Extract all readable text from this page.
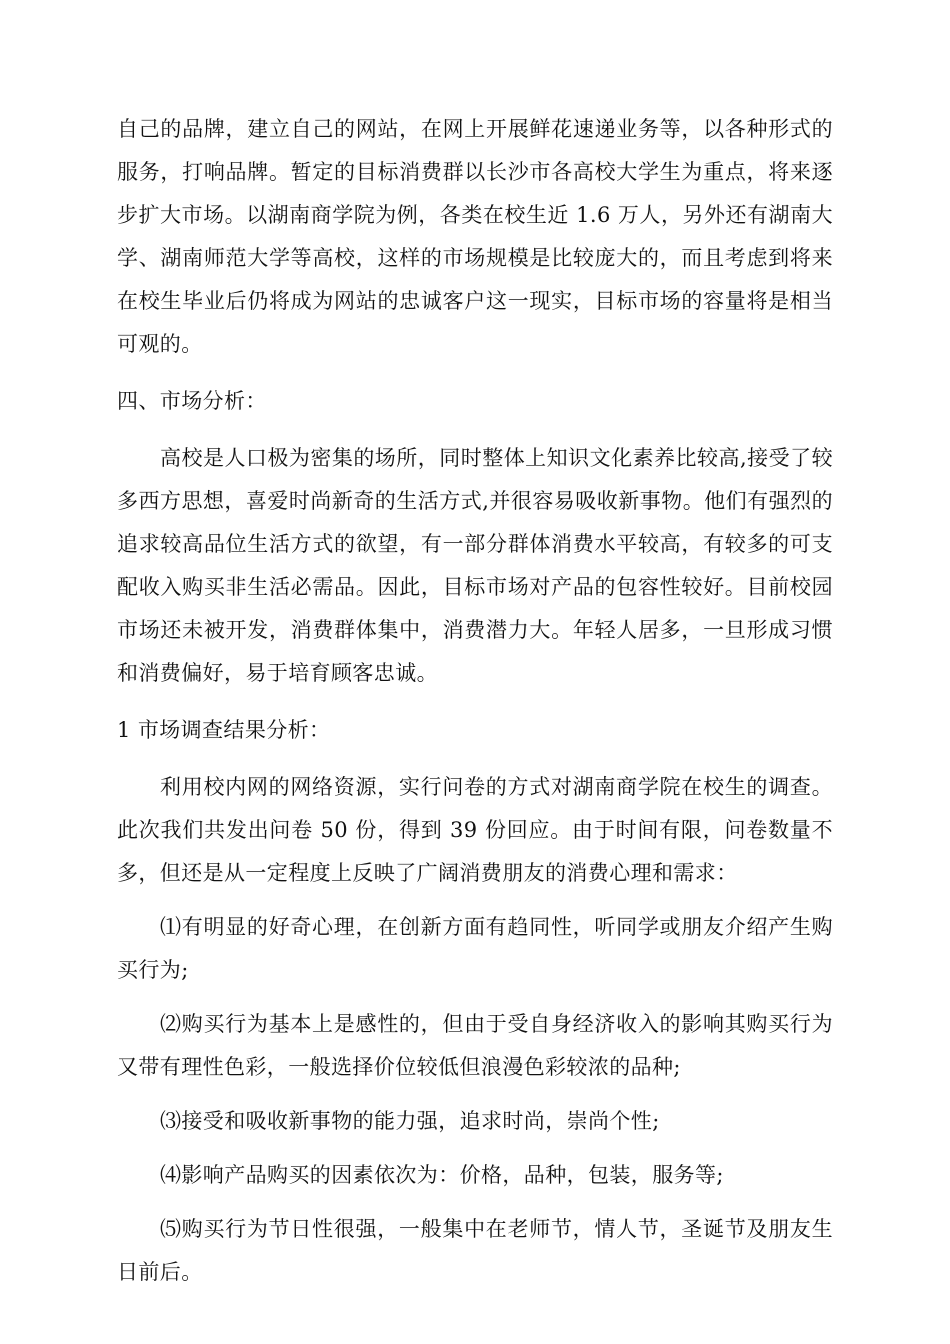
自己的品牌，建立自己的网站，在网上开展鲜花速递业务等，以各种形式的服务，打响品牌。暂定的目标消费群以长沙市各高校大学生为重点，将来逐步扩大市场。以湖南商学院为例，各类在校生近 1.6 万人，另外还有湖南大学、湖南师范大学等高校，这样的市场规模是比较庞大的，而且考虑到将来在校生毕业后仍将成为网站的忠诚客户这一现实，目标市场的容量将是相当可观的。

四、市场分析：

高校是人口极为密集的场所，同时整体上知识文化素养比较高,接受了较多西方思想，喜爱时尚新奇的生活方式,并很容易吸收新事物。他们有强烈的追求较高品位生活方式的欲望，有一部分群体消费水平较高，有较多的可支配收入购买非生活必需品。因此，目标市场对产品的包容性较好。目前校园市场还未被开发，消费群体集中，消费潜力大。年轻人居多，一旦形成习惯和消费偏好，易于培育顾客忠诚。

1 市场调查结果分析：

利用校内网的网络资源，实行问卷的方式对湖南商学院在校生的调查。此次我们共发出问卷 50 份，得到 39 份回应。由于时间有限，问卷数量不多，但还是从一定程度上反映了广阔消费朋友的消费心理和需求：

⑴有明显的好奇心理，在创新方面有趋同性，听同学或朋友介绍产生购买行为;

⑵购买行为基本上是感性的，但由于受自身经济收入的影响其购买行为又带有理性色彩，一般选择价位较低但浪漫色彩较浓的品种;

⑶接受和吸收新事物的能力强，追求时尚，崇尚个性;

⑷影响产品购买的因素依次为：价格，品种，包装，服务等;

⑸购买行为节日性很强，一般集中在老师节，情人节，圣诞节及朋友生日前后。
